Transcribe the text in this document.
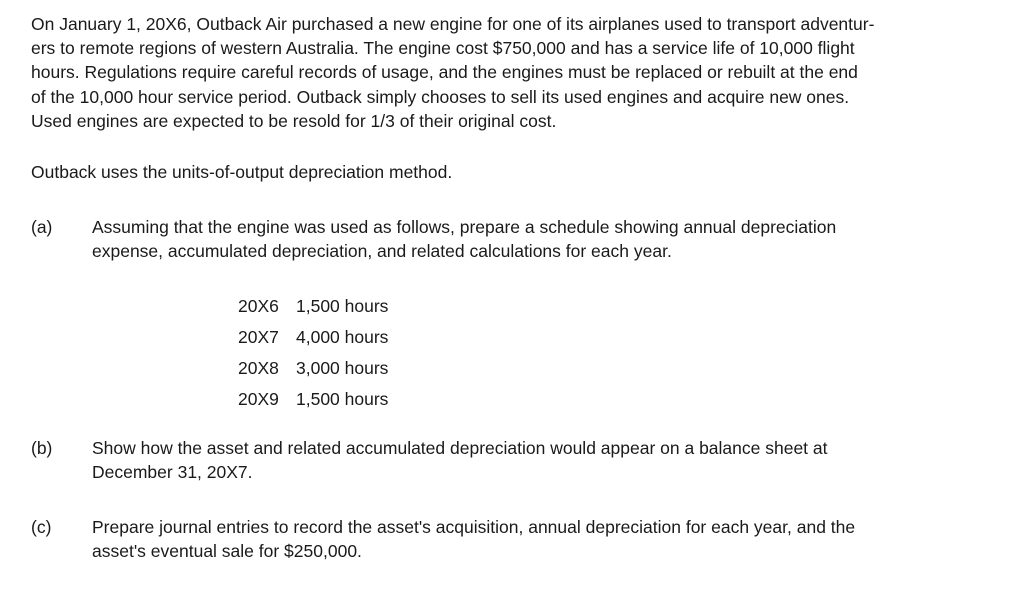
On January 1, 20X6, Outback Air purchased a new engine for one of its airplanes used to transport adventur-
ers to remote regions of western Australia. The engine cost $750,000 and has a service life of 10,000 flight
hours. Regulations require careful records of usage, and the engines must be replaced or rebuilt at the end
of the 10,000 hour service period. Outback simply chooses to sell its used engines and acquire new ones.
Used engines are expected to be resold for 1/3 of their original cost.

Outback uses the units-of-output depreciation method.

(a)	Assuming that the engine was used as follows, prepare a schedule showing annual depreciation
expense, accumulated depreciation, and related calculations for each year.
20X6	1,500 hours
20X7	4,000 hours
20X8	3,000 hours
20X9	1,500 hours
(b)	Show how the asset and related accumulated depreciation would appear on a balance sheet at
December 31, 20X7.
(c)	Prepare journal entries to record the asset's acquisition, annual depreciation for each year, and the
asset's eventual sale for $250,000.
